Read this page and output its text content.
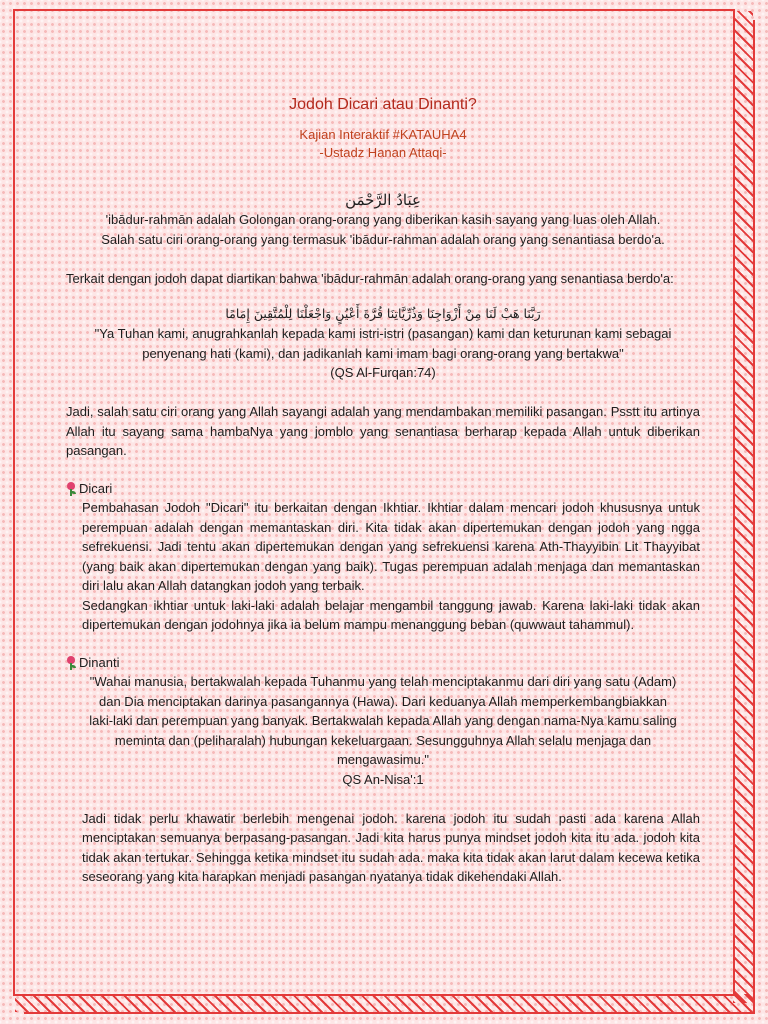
Jodoh Dicari atau Dinanti?
Kajian Interaktif #KATAUHA4
-Ustadz Hanan Attaqi-
عِبَادُ الرَّحْمَن
'ibādur-rahmān adalah Golongan orang-orang yang diberikan kasih sayang yang luas oleh Allah.
Salah satu ciri orang-orang yang termasuk 'ibādur-rahman adalah orang yang senantiasa berdo'a.
Terkait dengan jodoh dapat diartikan bahwa 'ibādur-rahmān adalah orang-orang yang senantiasa berdo'a:
رَبَّنَا هَبْ لَنَا مِنْ أَزْوَاجِنَا وَذُرِّيَّاتِنَا قُرَّةَ أَعْيُنٍ وَاجْعَلْنَا لِلْمُتَّقِينَ إِمَامًا
"Ya Tuhan kami, anugrahkanlah kepada kami istri-istri (pasangan) kami dan keturunan kami sebagai
penyenang hati (kami), dan jadikanlah kami imam bagi orang-orang yang bertakwa"
(QS Al-Furqan:74)
Jadi, salah satu ciri orang yang Allah sayangi adalah yang mendambakan memiliki pasangan. Psstt itu artinya Allah itu sayang sama hambaNya yang jomblo yang senantiasa berharap kepada Allah untuk diberikan pasangan.
Dicari
Pembahasan Jodoh "Dicari" itu berkaitan dengan Ikhtiar. Ikhtiar dalam mencari jodoh khususnya untuk perempuan adalah dengan memantaskan diri. Kita tidak akan dipertemukan dengan jodoh yang ngga sefrekuensi. Jadi tentu akan dipertemukan dengan yang sefrekuensi karena Ath-Thayyibin Lit Thayyibat (yang baik akan dipertemukan dengan yang baik). Tugas perempuan adalah menjaga dan memantaskan diri lalu akan Allah datangkan jodoh yang terbaik.
Sedangkan ikhtiar untuk laki-laki adalah belajar mengambil tanggung jawab. Karena laki-laki tidak akan dipertemukan dengan jodohnya jika ia belum mampu menanggung beban (quwwaut tahammul).
Dinanti
"Wahai manusia, bertakwalah kepada Tuhanmu yang telah menciptakanmu dari diri yang satu (Adam)
dan Dia menciptakan darinya pasangannya (Hawa). Dari keduanya Allah memperkembangbiakkan
laki-laki dan perempuan yang banyak. Bertakwalah kepada Allah yang dengan nama-Nya kamu saling
meminta dan (peliharalah) hubungan kekeluargaan. Sesungguhnya Allah selalu menjaga dan
mengawasimu."
QS An-Nisa':1
Jadi tidak perlu khawatir berlebih mengenai jodoh. karena jodoh itu sudah pasti ada karena Allah menciptakan semuanya berpasang-pasangan. Jadi kita harus punya mindset jodoh kita itu ada. jodoh kita tidak akan tertukar. Sehingga ketika mindset itu sudah ada. maka kita tidak akan larut dalam kecewa ketika seseorang yang kita harapkan menjadi pasangan nyatanya tidak dikehendaki Allah.
